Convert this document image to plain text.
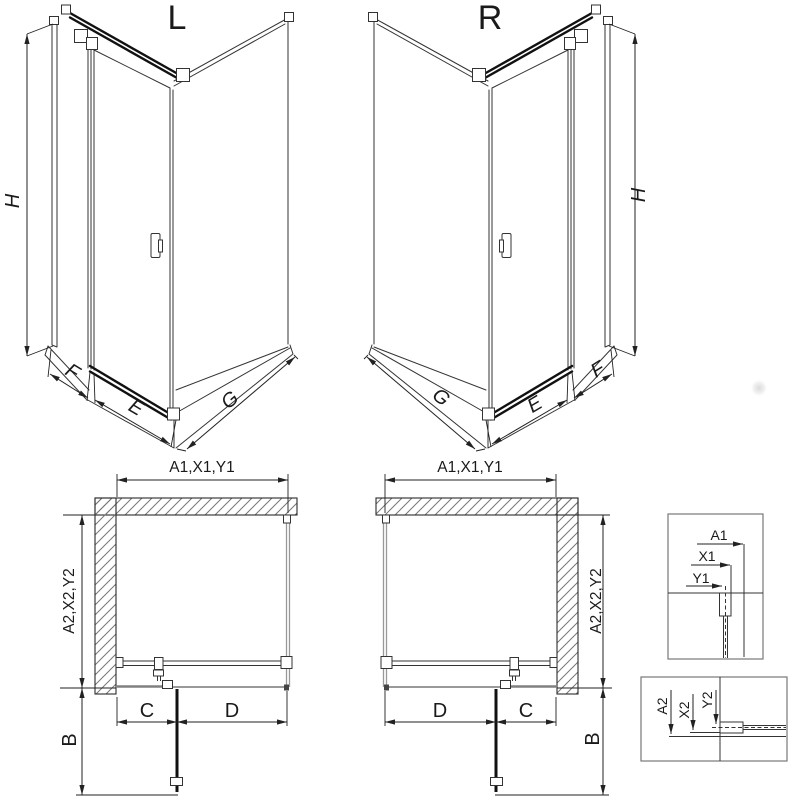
L
H
F
E	G
R
H
F
E
G
A1,X1,Y1
A2,X2,Y2
B
C	D
A1,X1,Y1
A2,X2,Y2
B
D	C
A1
X1
Y1
A2 X2
Y2
